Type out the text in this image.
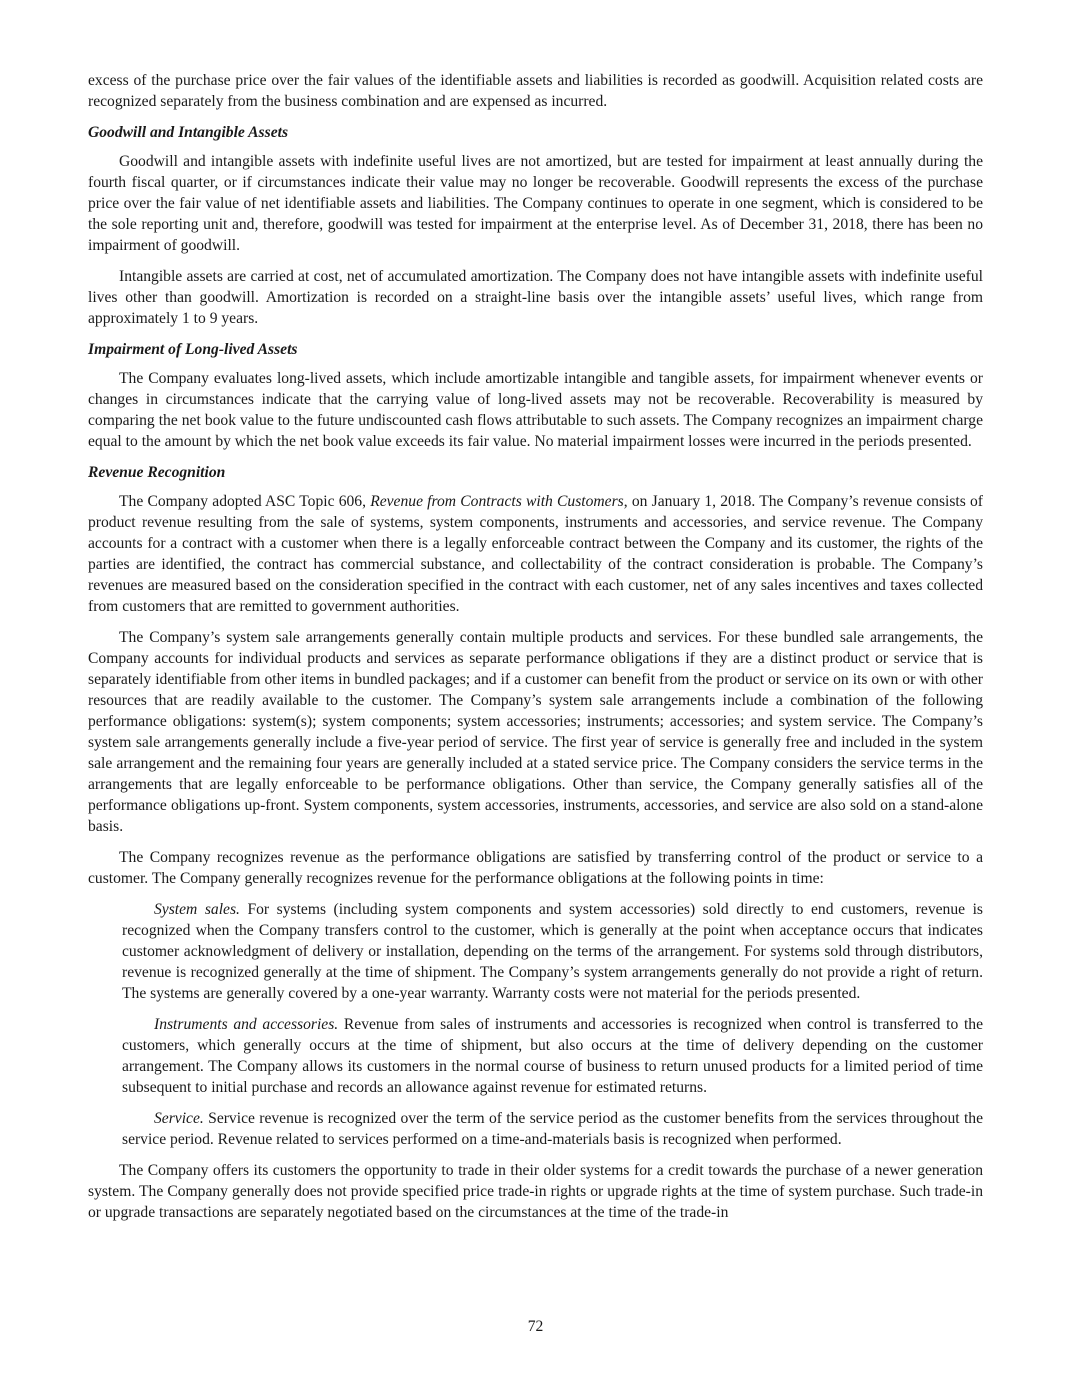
excess of the purchase price over the fair values of the identifiable assets and liabilities is recorded as goodwill. Acquisition related costs are recognized separately from the business combination and are expensed as incurred.

Goodwill and Intangible Assets

Goodwill and intangible assets with indefinite useful lives are not amortized, but are tested for impairment at least annually during the fourth fiscal quarter, or if circumstances indicate their value may no longer be recoverable. Goodwill represents the excess of the purchase price over the fair value of net identifiable assets and liabilities. The Company continues to operate in one segment, which is considered to be the sole reporting unit and, therefore, goodwill was tested for impairment at the enterprise level. As of December 31, 2018, there has been no impairment of goodwill.

Intangible assets are carried at cost, net of accumulated amortization. The Company does not have intangible assets with indefinite useful lives other than goodwill. Amortization is recorded on a straight-line basis over the intangible assets’ useful lives, which range from approximately 1 to 9 years.

Impairment of Long-lived Assets

The Company evaluates long-lived assets, which include amortizable intangible and tangible assets, for impairment whenever events or changes in circumstances indicate that the carrying value of long-lived assets may not be recoverable. Recoverability is measured by comparing the net book value to the future undiscounted cash flows attributable to such assets. The Company recognizes an impairment charge equal to the amount by which the net book value exceeds its fair value. No material impairment losses were incurred in the periods presented.

Revenue Recognition

The Company adopted ASC Topic 606, Revenue from Contracts with Customers, on January 1, 2018. The Company’s revenue consists of product revenue resulting from the sale of systems, system components, instruments and accessories, and service revenue. The Company accounts for a contract with a customer when there is a legally enforceable contract between the Company and its customer, the rights of the parties are identified, the contract has commercial substance, and collectability of the contract consideration is probable. The Company’s revenues are measured based on the consideration specified in the contract with each customer, net of any sales incentives and taxes collected from customers that are remitted to government authorities.

The Company’s system sale arrangements generally contain multiple products and services. For these bundled sale arrangements, the Company accounts for individual products and services as separate performance obligations if they are a distinct product or service that is separately identifiable from other items in bundled packages; and if a customer can benefit from the product or service on its own or with other resources that are readily available to the customer. The Company’s system sale arrangements include a combination of the following performance obligations: system(s); system components; system accessories; instruments; accessories; and system service. The Company’s system sale arrangements generally include a five-year period of service. The first year of service is generally free and included in the system sale arrangement and the remaining four years are generally included at a stated service price. The Company considers the service terms in the arrangements that are legally enforceable to be performance obligations. Other than service, the Company generally satisfies all of the performance obligations up-front. System components, system accessories, instruments, accessories, and service are also sold on a stand-alone basis.

The Company recognizes revenue as the performance obligations are satisfied by transferring control of the product or service to a customer. The Company generally recognizes revenue for the performance obligations at the following points in time:

System sales. For systems (including system components and system accessories) sold directly to end customers, revenue is recognized when the Company transfers control to the customer, which is generally at the point when acceptance occurs that indicates customer acknowledgment of delivery or installation, depending on the terms of the arrangement. For systems sold through distributors, revenue is recognized generally at the time of shipment. The Company’s system arrangements generally do not provide a right of return. The systems are generally covered by a one-year warranty. Warranty costs were not material for the periods presented.

Instruments and accessories. Revenue from sales of instruments and accessories is recognized when control is transferred to the customers, which generally occurs at the time of shipment, but also occurs at the time of delivery depending on the customer arrangement. The Company allows its customers in the normal course of business to return unused products for a limited period of time subsequent to initial purchase and records an allowance against revenue for estimated returns.

Service. Service revenue is recognized over the term of the service period as the customer benefits from the services throughout the service period. Revenue related to services performed on a time-and-materials basis is recognized when performed.

The Company offers its customers the opportunity to trade in their older systems for a credit towards the purchase of a newer generation system. The Company generally does not provide specified price trade-in rights or upgrade rights at the time of system purchase. Such trade-in or upgrade transactions are separately negotiated based on the circumstances at the time of the trade-in

72
